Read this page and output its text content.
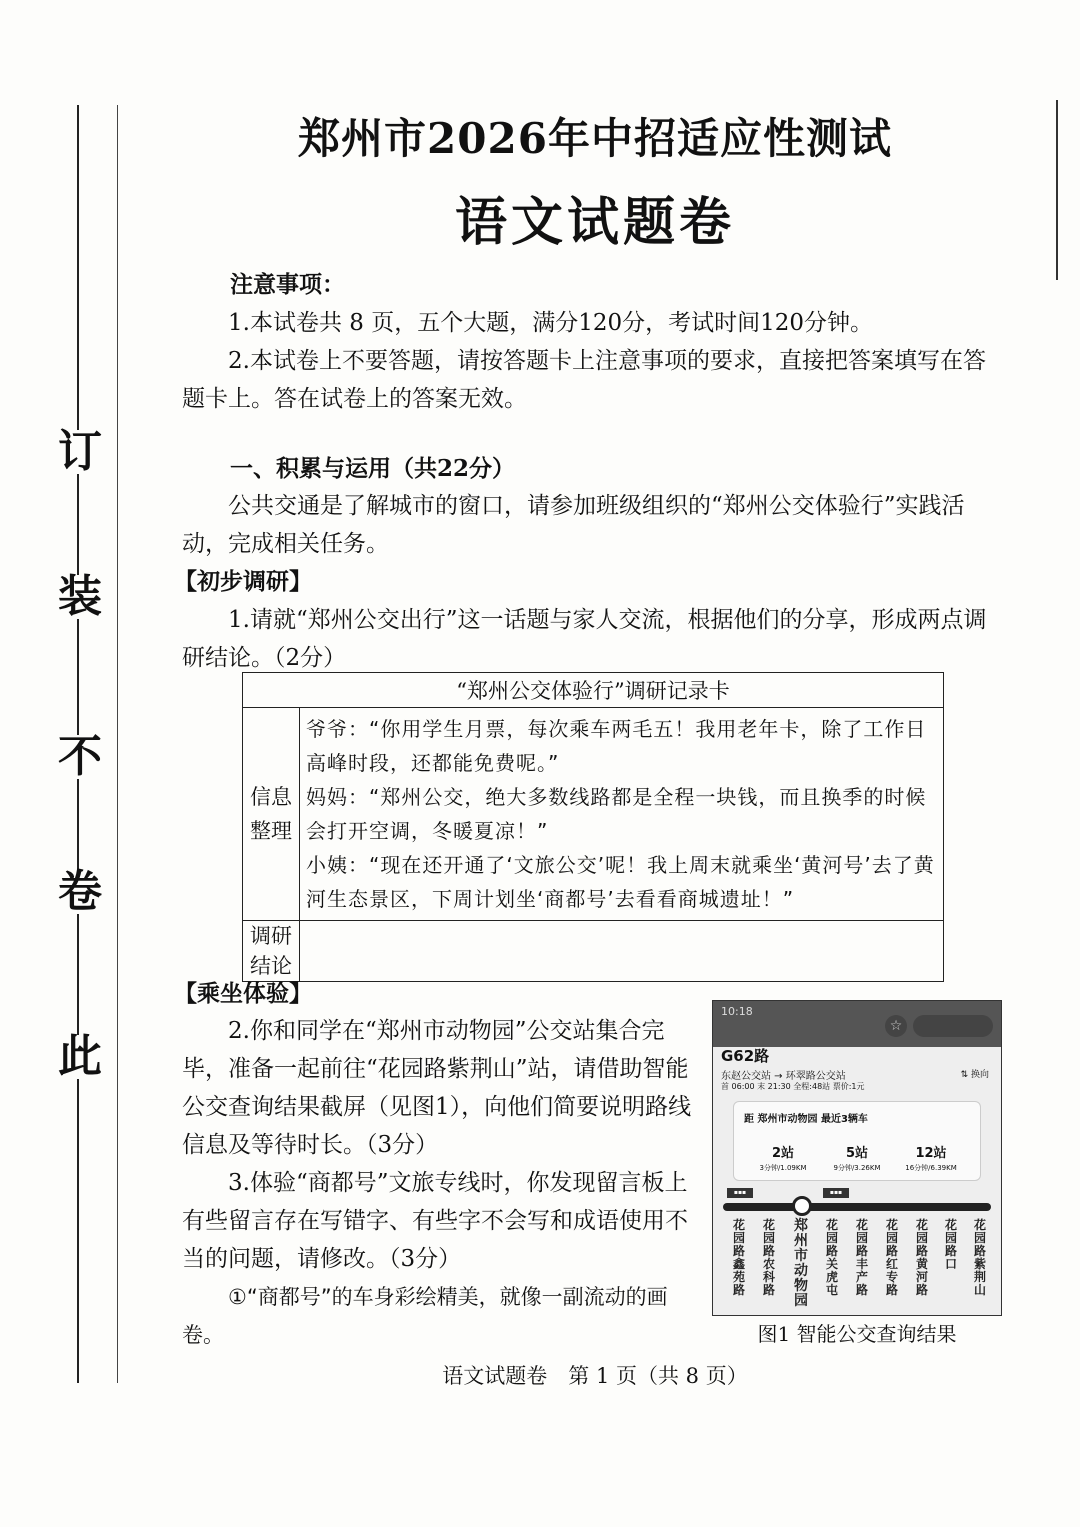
此
卷
不
装
订
郑州市2026年中招适应性测试
语文试题卷
注意事项：
1.本试卷共 8 页，五个大题，满分120分，考试时间120分钟。
2.本试卷上不要答题，请按答题卡上注意事项的要求，直接把答案填写在答题卡上。答在试卷上的答案无效。
一、积累与运用（共22分）
公共交通是了解城市的窗口，请参加班级组织的“郑州公交体验行”实践活动，完成相关任务。
【初步调研】
1.请就“郑州公交出行”这一话题与家人交流，根据他们的分享，形成两点调研结论。（2分）
“郑州公交体验行”调研记录卡	
信息整理	爷爷：“你用学生月票，每次乘车两毛五！我用老年卡，除了工作日高峰时段，还都能免费呢。”
妈妈：“郑州公交，绝大多数线路都是全程一块钱，而且换季的时候会打开空调，冬暖夏凉！”
小姨：“现在还开通了‘文旅公交’呢！我上周末就乘坐‘黄河号’去了黄河生态景区，下周计划坐‘商都号’去看看商城遗址！”

调研结论	
【乘坐体验】
2.你和同学在“郑州市动物园”公交站集合完毕，准备一起前往“花园路紫荆山”站，请借助智能公交查询结果截屏（见图1），向他们简要说明路线信息及等待时长。（3分）
3.体验“商都号”文旅专线时，你发现留言板上有些留言存在写错字、有些字不会写和成语使用不当的问题，请修改。（3分）
①“商都号”的车身彩绘精美，就像一副流动的画卷。
10:18
☆
G62路
东赵公交站 → 环翠路公交站	⇅ 换向
首 06:00 末 21:30 全程:48站 票价:1元
距 郑州市动物园 最近3辆车
2站
3分钟/1.09KM
5站
9分钟/3.26KM
12站
16分钟/6.39KM
▪▪▪	▪▪▪
花园路鑫苑路
花园路农科路
郑州市动物园
花园路关虎屯
花园路丰产路
花园路红专路
花园路黄河路
花园路口
花园路紫荆山
图1 智能公交查询结果
语文试题卷　第 1 页（共 8 页）
